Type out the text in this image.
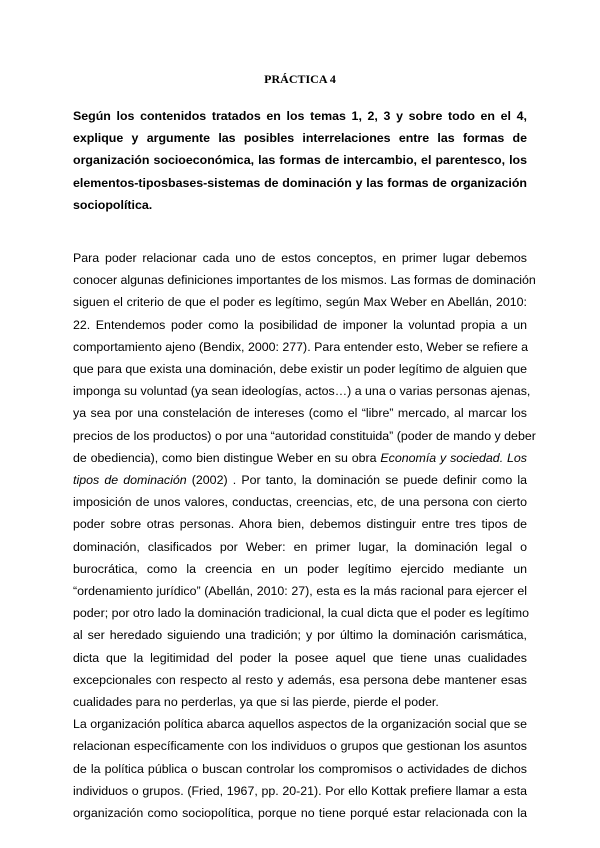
PRÁCTICA 4
Según los contenidos tratados en los temas 1, 2, 3 y sobre todo en el 4,
explique y argumente las posibles interrelaciones entre las formas de
organización socioeconómica, las formas de intercambio, el parentesco, los
elementos-tiposbases-sistemas de dominación y las formas de organización
sociopolítica.

Para poder relacionar cada uno de estos conceptos, en primer lugar debemos
conocer algunas definiciones importantes de los mismos. Las formas de dominación
siguen el criterio de que el poder es legítimo, según Max Weber en Abellán, 2010:
22. Entendemos poder como la posibilidad de imponer la voluntad propia a un
comportamiento ajeno (Bendix, 2000: 277). Para entender esto, Weber se refiere a
que para que exista una dominación, debe existir un poder legítimo de alguien que
imponga su voluntad (ya sean ideologías, actos…) a una o varias personas ajenas,
ya sea por una constelación de intereses (como el “libre” mercado, al marcar los
precios de los productos) o por una “autoridad constituida” (poder de mando y deber
de obediencia), como bien distingue Weber en su obra Economía y sociedad. Los
tipos de dominación (2002) . Por tanto, la dominación se puede definir como la
imposición de unos valores, conductas, creencias, etc, de una persona con cierto
poder sobre otras personas. Ahora bien, debemos distinguir entre tres tipos de
dominación, clasificados por Weber: en primer lugar, la dominación legal o
burocrática, como la creencia en un poder legítimo ejercido mediante un
“ordenamiento jurídico” (Abellán, 2010: 27), esta es la más racional para ejercer el
poder; por otro lado la dominación tradicional, la cual dicta que el poder es legítimo
al ser heredado siguiendo una tradición; y por último la dominación carismática,
dicta que la legitimidad del poder la posee aquel que tiene unas cualidades
excepcionales con respecto al resto y además, esa persona debe mantener esas
cualidades para no perderlas, ya que si las pierde, pierde el poder.

La organización política abarca aquellos aspectos de la organización social que se
relacionan específicamente con los individuos o grupos que gestionan los asuntos
de la política pública o buscan controlar los compromisos o actividades de dichos
individuos o grupos. (Fried, 1967, pp. 20-21). Por ello Kottak prefiere llamar a esta
organización como sociopolítica, porque no tiene porqué estar relacionada con la
